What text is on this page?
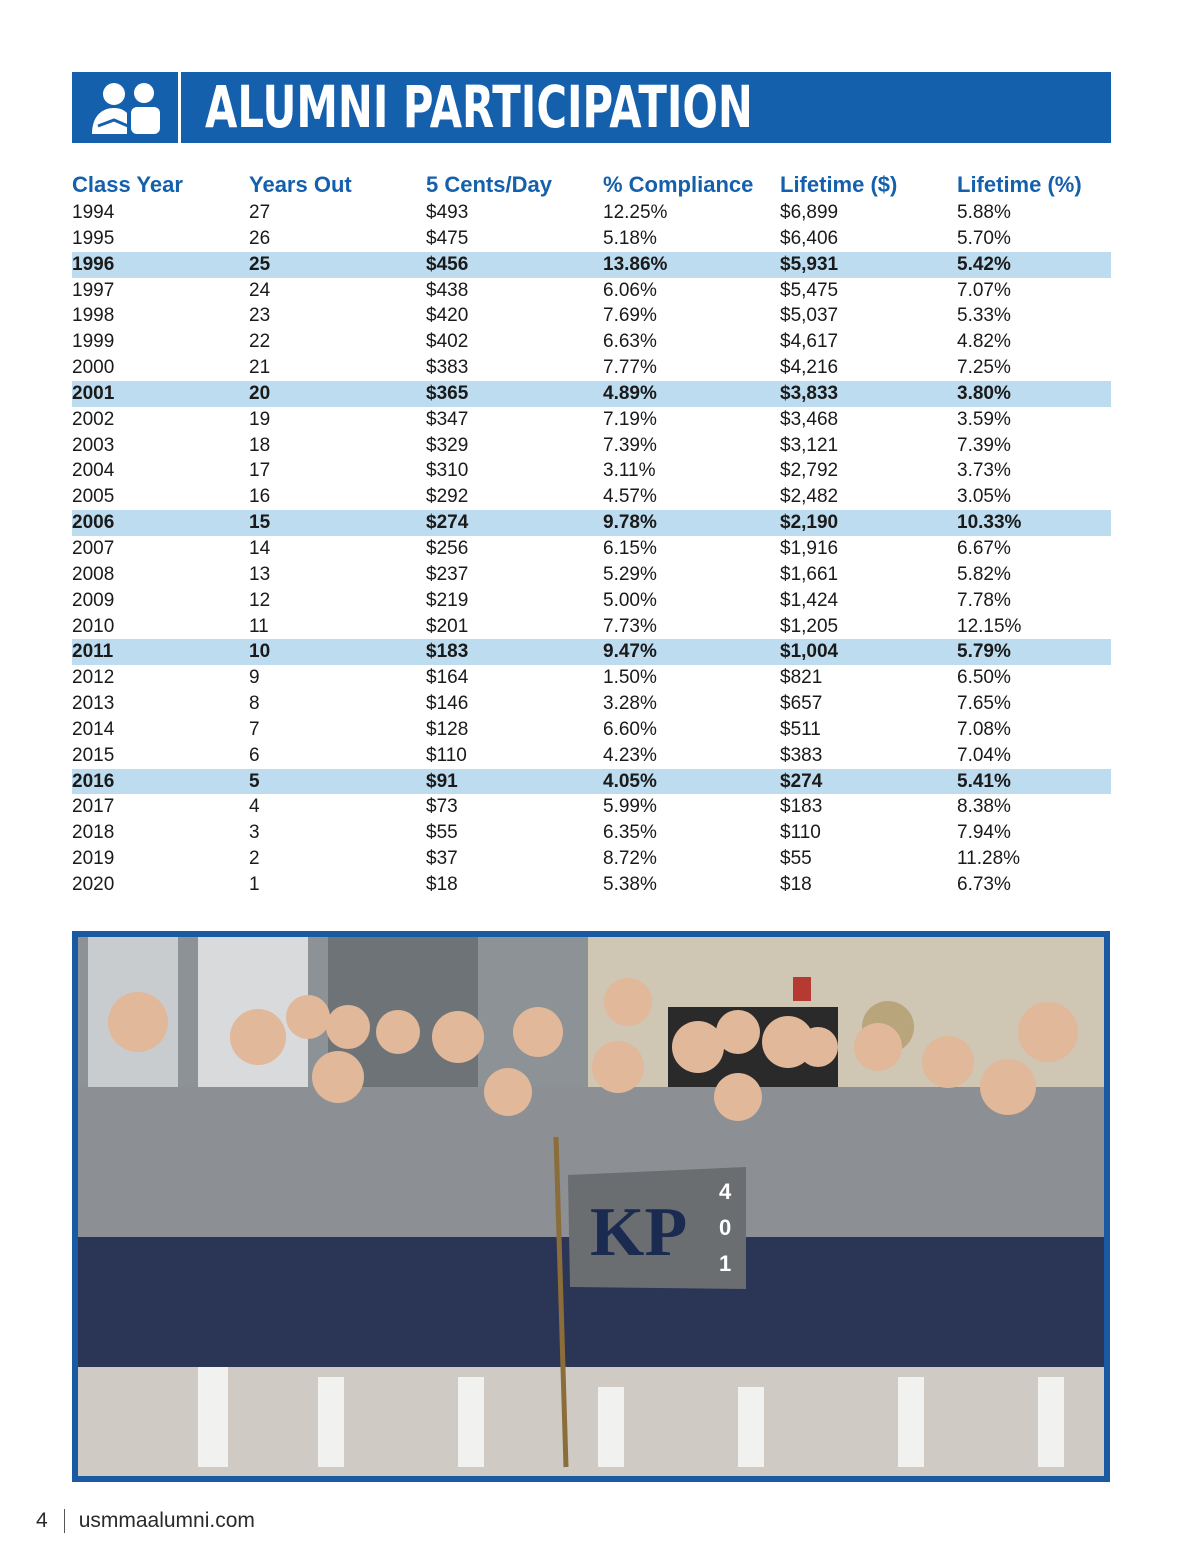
ALUMNI PARTICIPATION
Class Year	Years Out	5 Cents/Day	% Compliance	Lifetime ($)	Lifetime (%)
1994	27	$493	12.25%	$6,899	5.88%
1995	26	$475	5.18%	$6,406	5.70%
1996	25	$456	13.86%	$5,931	5.42%
1997	24	$438	6.06%	$5,475	7.07%
1998	23	$420	7.69%	$5,037	5.33%
1999	22	$402	6.63%	$4,617	4.82%
2000	21	$383	7.77%	$4,216	7.25%
2001	20	$365	4.89%	$3,833	3.80%
2002	19	$347	7.19%	$3,468	3.59%
2003	18	$329	7.39%	$3,121	7.39%
2004	17	$310	3.11%	$2,792	3.73%
2005	16	$292	4.57%	$2,482	3.05%
2006	15	$274	9.78%	$2,190	10.33%
2007	14	$256	6.15%	$1,916	6.67%
2008	13	$237	5.29%	$1,661	5.82%
2009	12	$219	5.00%	$1,424	7.78%
2010	11	$201	7.73%	$1,205	12.15%
2011	10	$183	9.47%	$1,004	5.79%
2012	9	$164	1.50%	$821	6.50%
2013	8	$146	3.28%	$657	7.65%
2014	7	$128	6.60%	$511	7.08%
2015	6	$110	4.23%	$383	7.04%
2016	5	$91	4.05%	$274	5.41%
2017	4	$73	5.99%	$183	8.38%
2018	3	$55	6.35%	$110	7.94%
2019	2	$37	8.72%	$55	11.28%
2020	1	$18	5.38%	$18	6.73%
KP
4
0
1
4 usmmaalumni.com
